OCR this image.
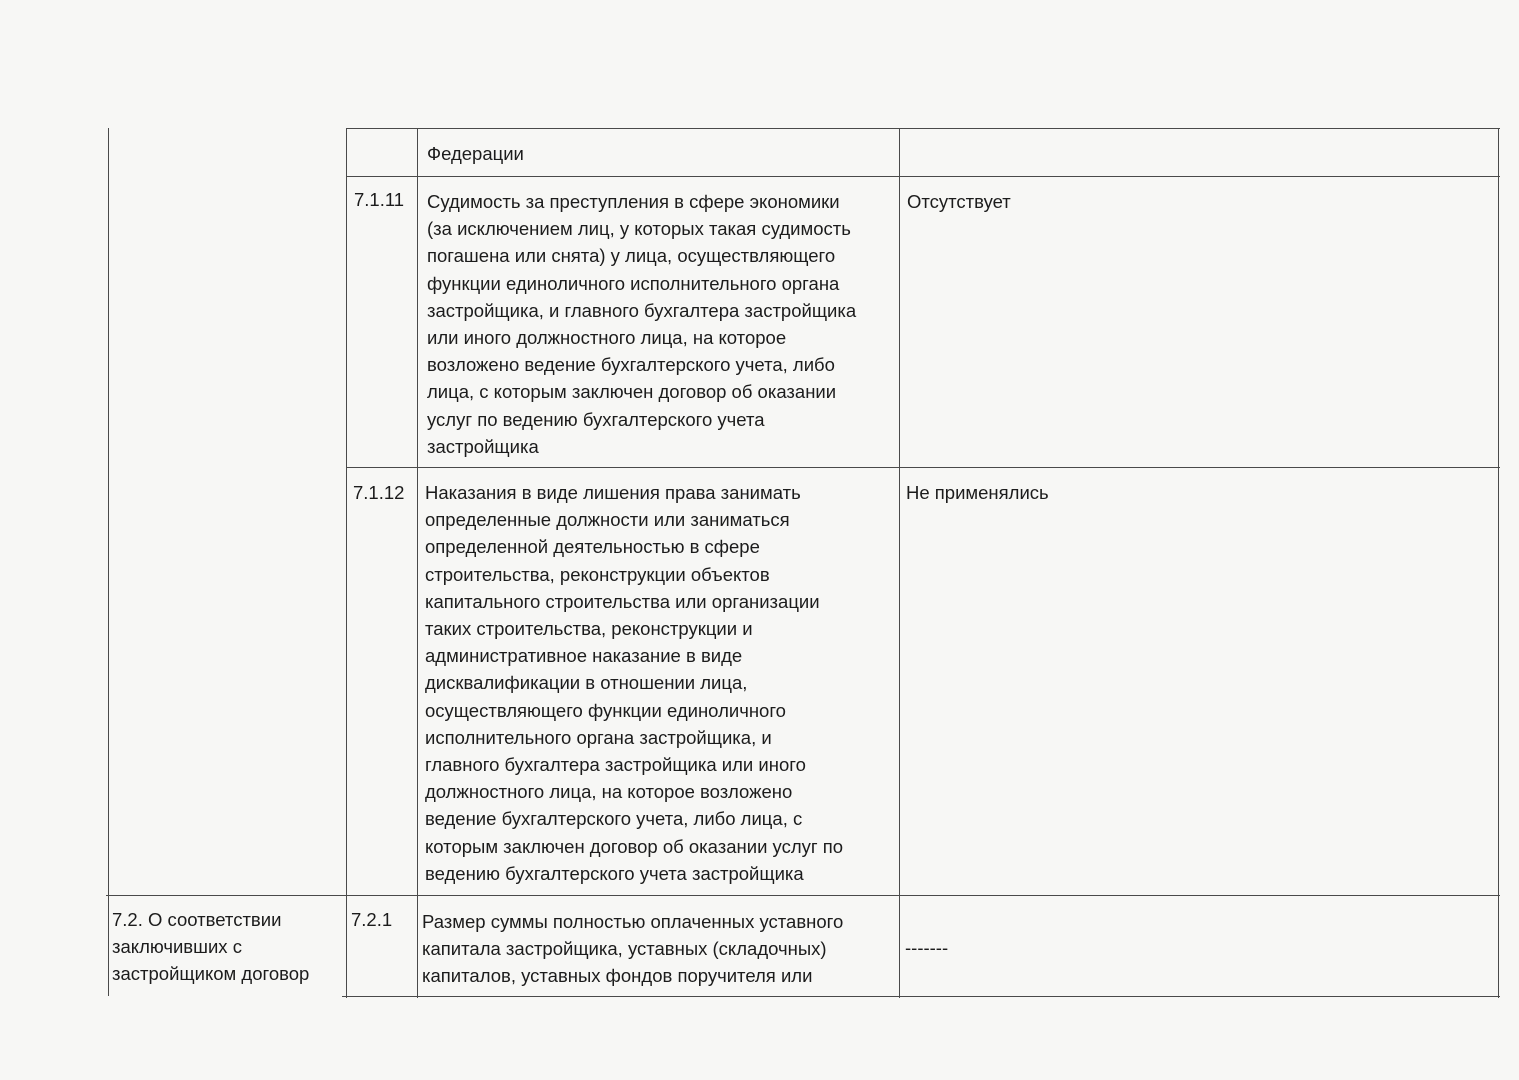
Федерации
7.1.11 Судимость за преступления в сфере экономики
(за исключением лиц, у которых такая судимость
погашена или снята) у лица, осуществляющего
функции единоличного исполнительного органа
застройщика, и главного бухгалтера застройщика
или иного должностного лица, на которое
возложено ведение бухгалтерского учета, либо
лица, с которым заключен договор об оказании
услуг по ведению бухгалтерского учета
застройщика
Отсутствует
7.1.12 Наказания в виде лишения права занимать
определенные должности или заниматься
определенной деятельностью в сфере
строительства, реконструкции объектов
капитального строительства или организации
таких строительства, реконструкции и
административное наказание в виде
дисквалификации в отношении лица,
осуществляющего функции единоличного
исполнительного органа застройщика, и
главного бухгалтера застройщика или иного
должностного лица, на которое возложено
ведение бухгалтерского учета, либо лица, с
которым заключен договор об оказании услуг по
ведению бухгалтерского учета застройщика
Не применялись
7.2. О соответствии
заключивших с
застройщиком договор
7.2.1 Размер суммы полностью оплаченных уставного
капитала застройщика, уставных (складочных)
капиталов, уставных фондов поручителя или
-------
